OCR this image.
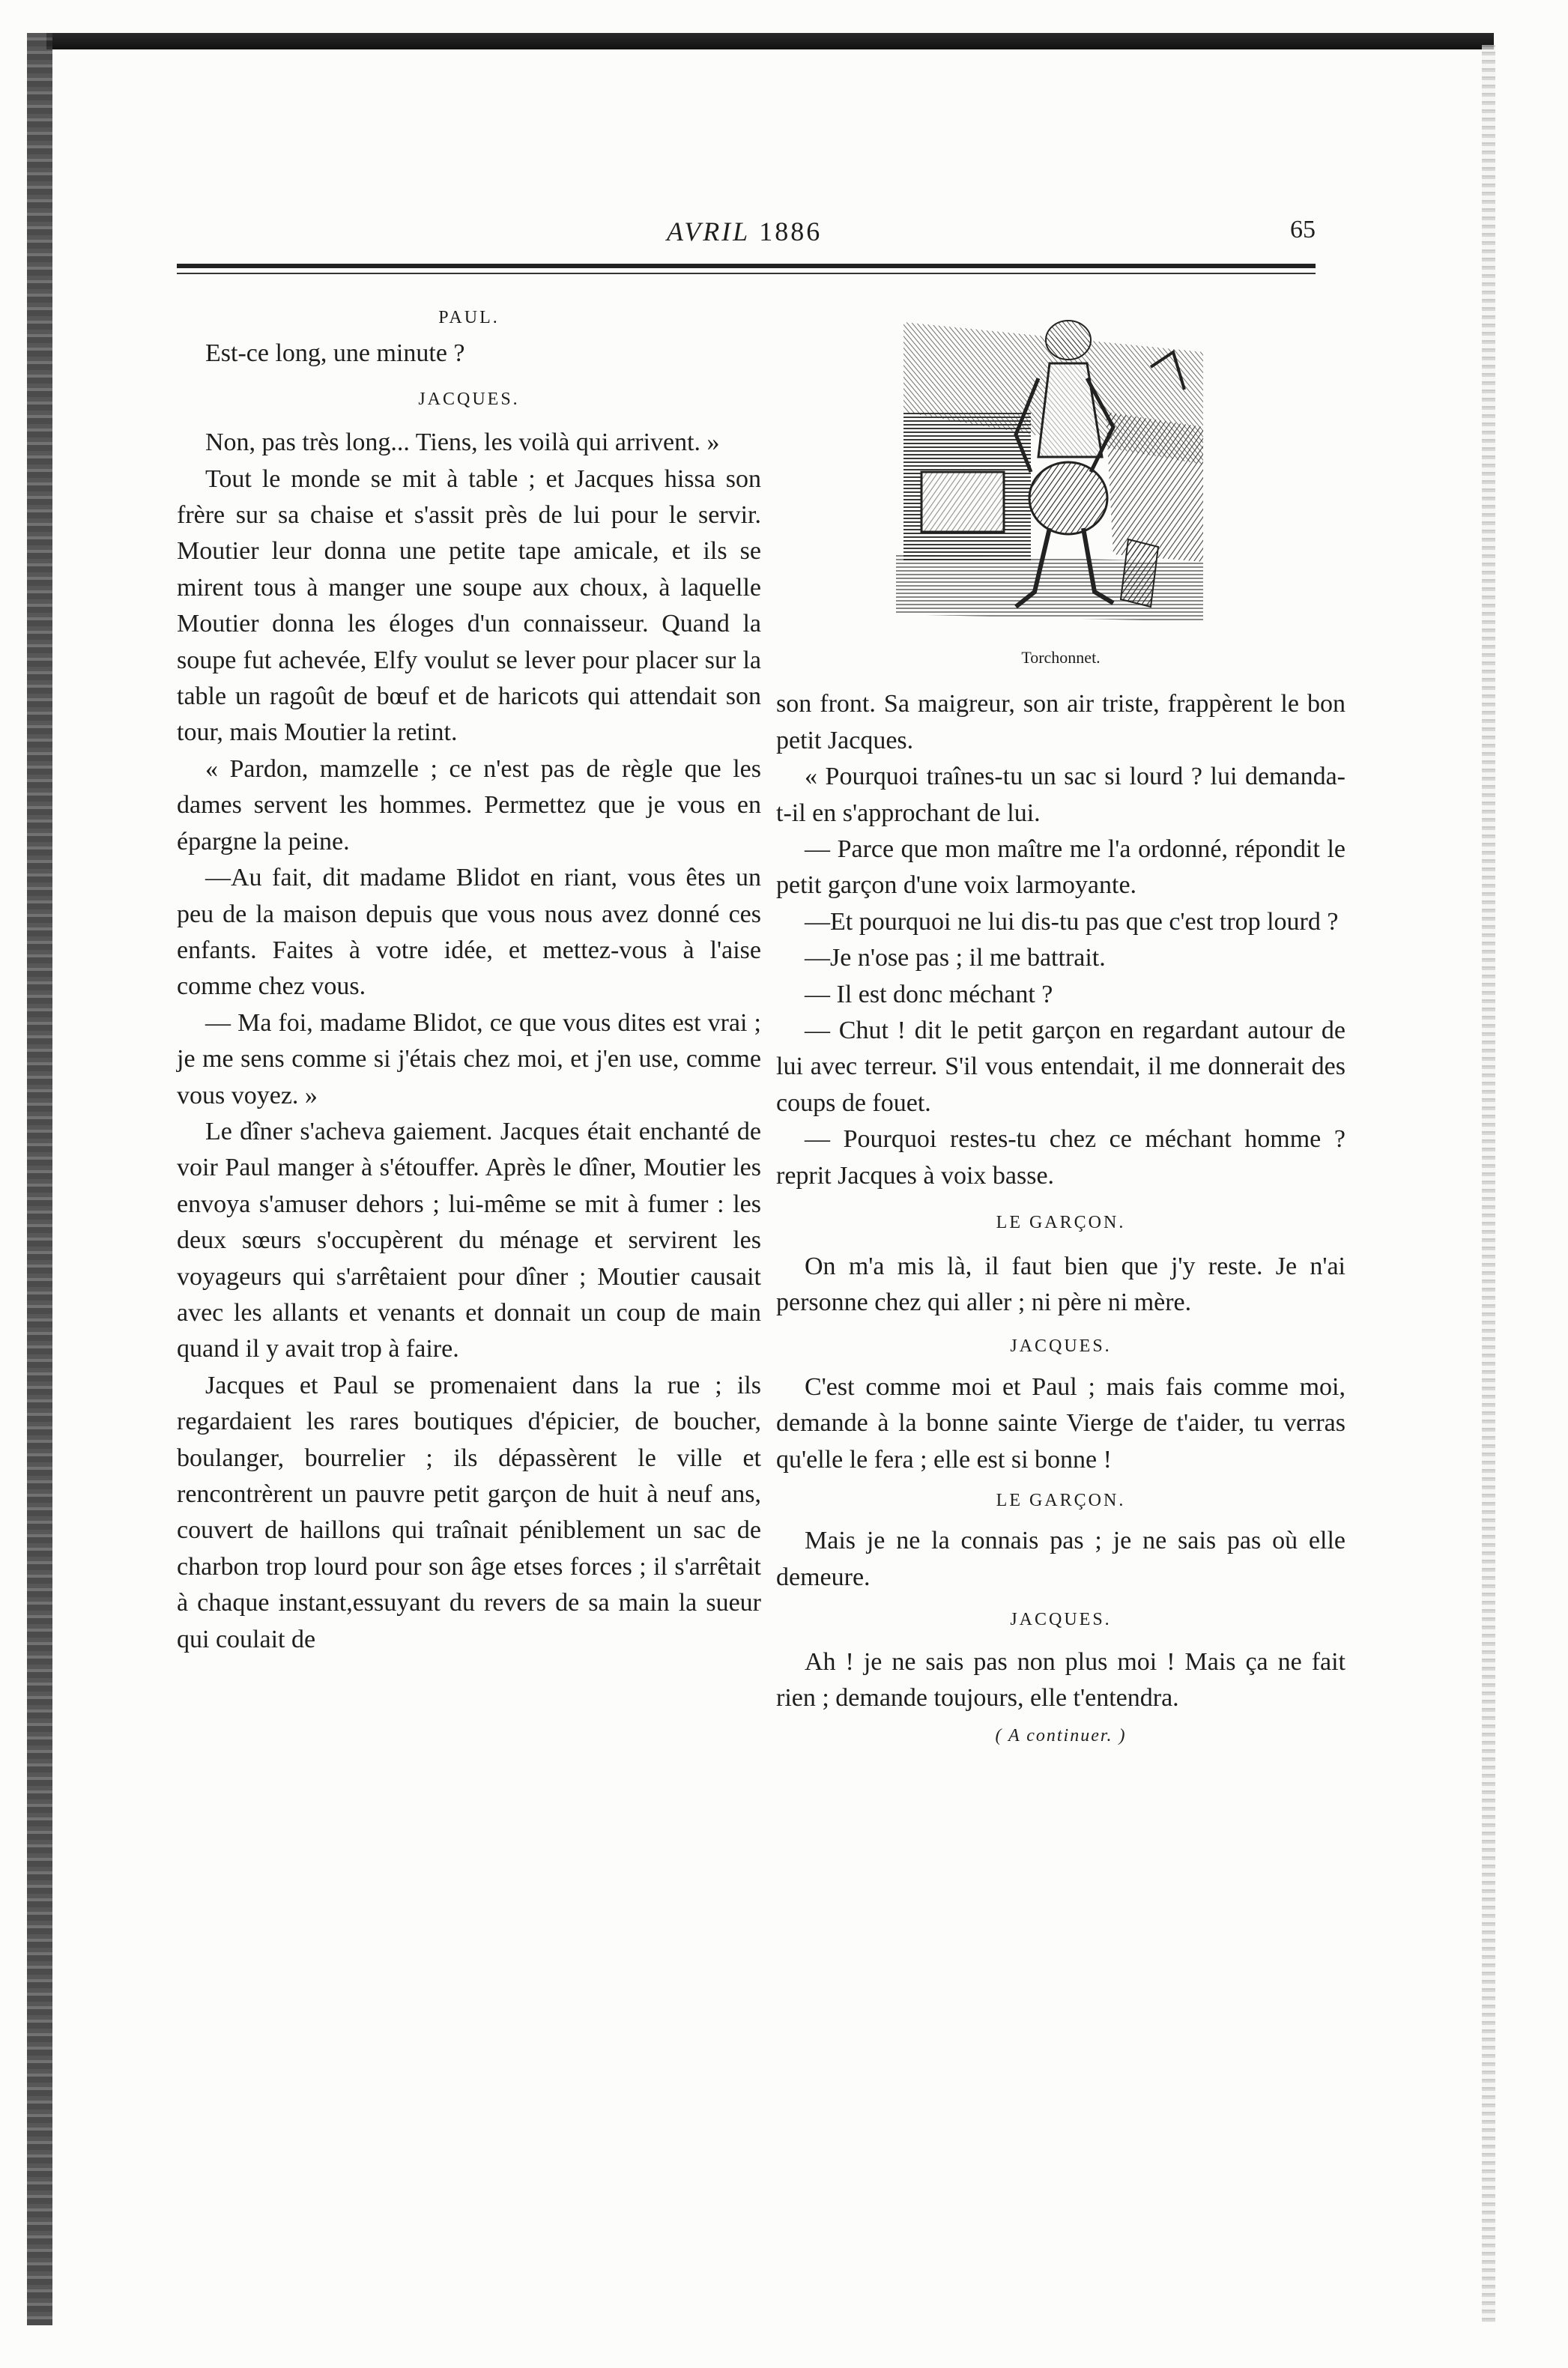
AVRIL 1886	65

PAUL.

Est-ce long, une minute ?

JACQUES.

Non, pas très long... Tiens, les voilà qui arrivent. »

Tout le monde se mit à table ; et Jacques hissa son frère sur sa chaise et s'assit près de lui pour le servir. Moutier leur donna une petite tape amicale, et ils se mirent tous à manger une soupe aux choux, à laquelle Moutier donna les éloges d'un connaisseur. Quand la soupe fut achevée, Elfy voulut se lever pour placer sur la table un ragoût de bœuf et de haricots qui attendait son tour, mais Moutier la retint.

« Pardon, mamzelle ; ce n'est pas de règle que les dames servent les hommes. Permettez que je vous en épargne la peine.

—Au fait, dit madame Blidot en riant, vous êtes un peu de la maison depuis que vous nous avez donné ces enfants. Faites à votre idée, et mettez-vous à l'aise comme chez vous.

— Ma foi, madame Blidot, ce que vous dites est vrai ; je me sens comme si j'étais chez moi, et j'en use, comme vous voyez. »

Le dîner s'acheva gaiement. Jacques était enchanté de voir Paul manger à s'étouffer. Après le dîner, Moutier les envoya s'amuser dehors ; lui-même se mit à fumer : les deux sœurs s'occupèrent du ménage et servirent les voyageurs qui s'arrêtaient pour dîner ; Moutier causait avec les allants et venants et donnait un coup de main quand il y avait trop à faire.

Jacques et Paul se promenaient dans la rue ; ils regardaient les rares boutiques d'épicier, de boucher, boulanger, bourrelier ; ils dépassèrent le ville et rencontrèrent un pauvre petit garçon de huit à neuf ans, couvert de haillons qui traînait péniblement un sac de charbon trop lourd pour son âge etses forces ; il s'arrêtait à chaque instant,essuyant du revers de sa main la sueur qui coulait de

Torchonnet.

son front. Sa maigreur, son air triste, frappèrent le bon petit Jacques.

« Pourquoi traînes-tu un sac si lourd ? lui demanda-t-il en s'approchant de lui.

— Parce que mon maître me l'a ordonné, répondit le petit garçon d'une voix larmoyante.

—Et pourquoi ne lui dis-tu pas que c'est trop lourd ?

—Je n'ose pas ; il me battrait.

— Il est donc méchant ?

— Chut ! dit le petit garçon en regardant autour de lui avec terreur. S'il vous entendait, il me donnerait des coups de fouet.

— Pourquoi restes-tu chez ce méchant homme ? reprit Jacques à voix basse.

LE GARÇON.

On m'a mis là, il faut bien que j'y reste. Je n'ai personne chez qui aller ; ni père ni mère.

JACQUES.

C'est comme moi et Paul ; mais fais comme moi, demande à la bonne sainte Vierge de t'aider, tu verras qu'elle le fera ; elle est si bonne !

LE GARÇON.

Mais je ne la connais pas ; je ne sais pas où elle demeure.

JACQUES.

Ah ! je ne sais pas non plus moi ! Mais ça ne fait rien ; demande toujours, elle t'entendra.

( A continuer. )
